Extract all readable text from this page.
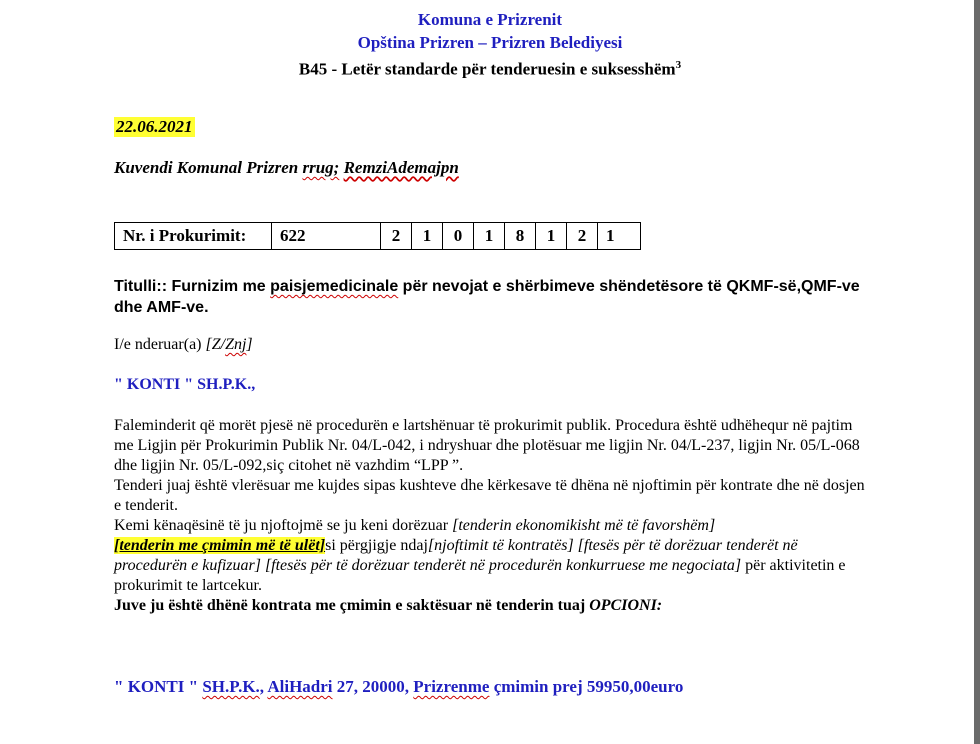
Komuna e Prizrenit
Opština Prizren – Prizren Belediyesi
B45 - Letër standarde për tenderuesin e suksesshëm$^3$
22.06.2021
Kuvendi Komunal Prizren rrug; RemziAdemajpn
Nr. i Prokurimit:	622	2	1	0	1	8	1	2	1
Titulli:: Furnizim me paisjemedicinale për nevojat e shërbimeve shëndetësore të QKMF-së,QMF-ve dhe AMF-ve.
I/e nderuar(a) [Z/Znj]
" KONTI " SH.P.K.,
Faleminderit që morët pjesë në procedurën e lartshënuar të prokurimit publik. Procedura është udhëhequr në pajtim me Ligjin për Prokurimin Publik Nr. 04/L-042, i ndryshuar dhe plotësuar me ligjin Nr. 04/L-237, ligjin Nr. 05/L-068 dhe ligjin Nr. 05/L-092,siç citohet në vazhdim “LPP ”.
Tenderi juaj është vlerësuar me kujdes sipas kushteve dhe kërkesave të dhëna në njoftimin për kontrate dhe në dosjen e tenderit.
Kemi kënaqësinë të ju njoftojmë se ju keni dorëzuar [tenderin ekonomikisht më të favorshëm]
[tenderin me çmimin më të ulët]si përgjigje ndaj[njoftimit të kontratës] [ftesës për të dorëzuar tenderët në procedurën e kufizuar] [ftesës për të dorëzuar tenderët në procedurën konkurruese me negociata] për aktivitetin e prokurimit te lartcekur.
Juve ju është dhënë kontrata me çmimin e saktësuar në tenderin tuaj OPCIONI:
" KONTI " SH.P.K., AliHadri 27, 20000, Prizrenme çmimin prej 59950,00euro
